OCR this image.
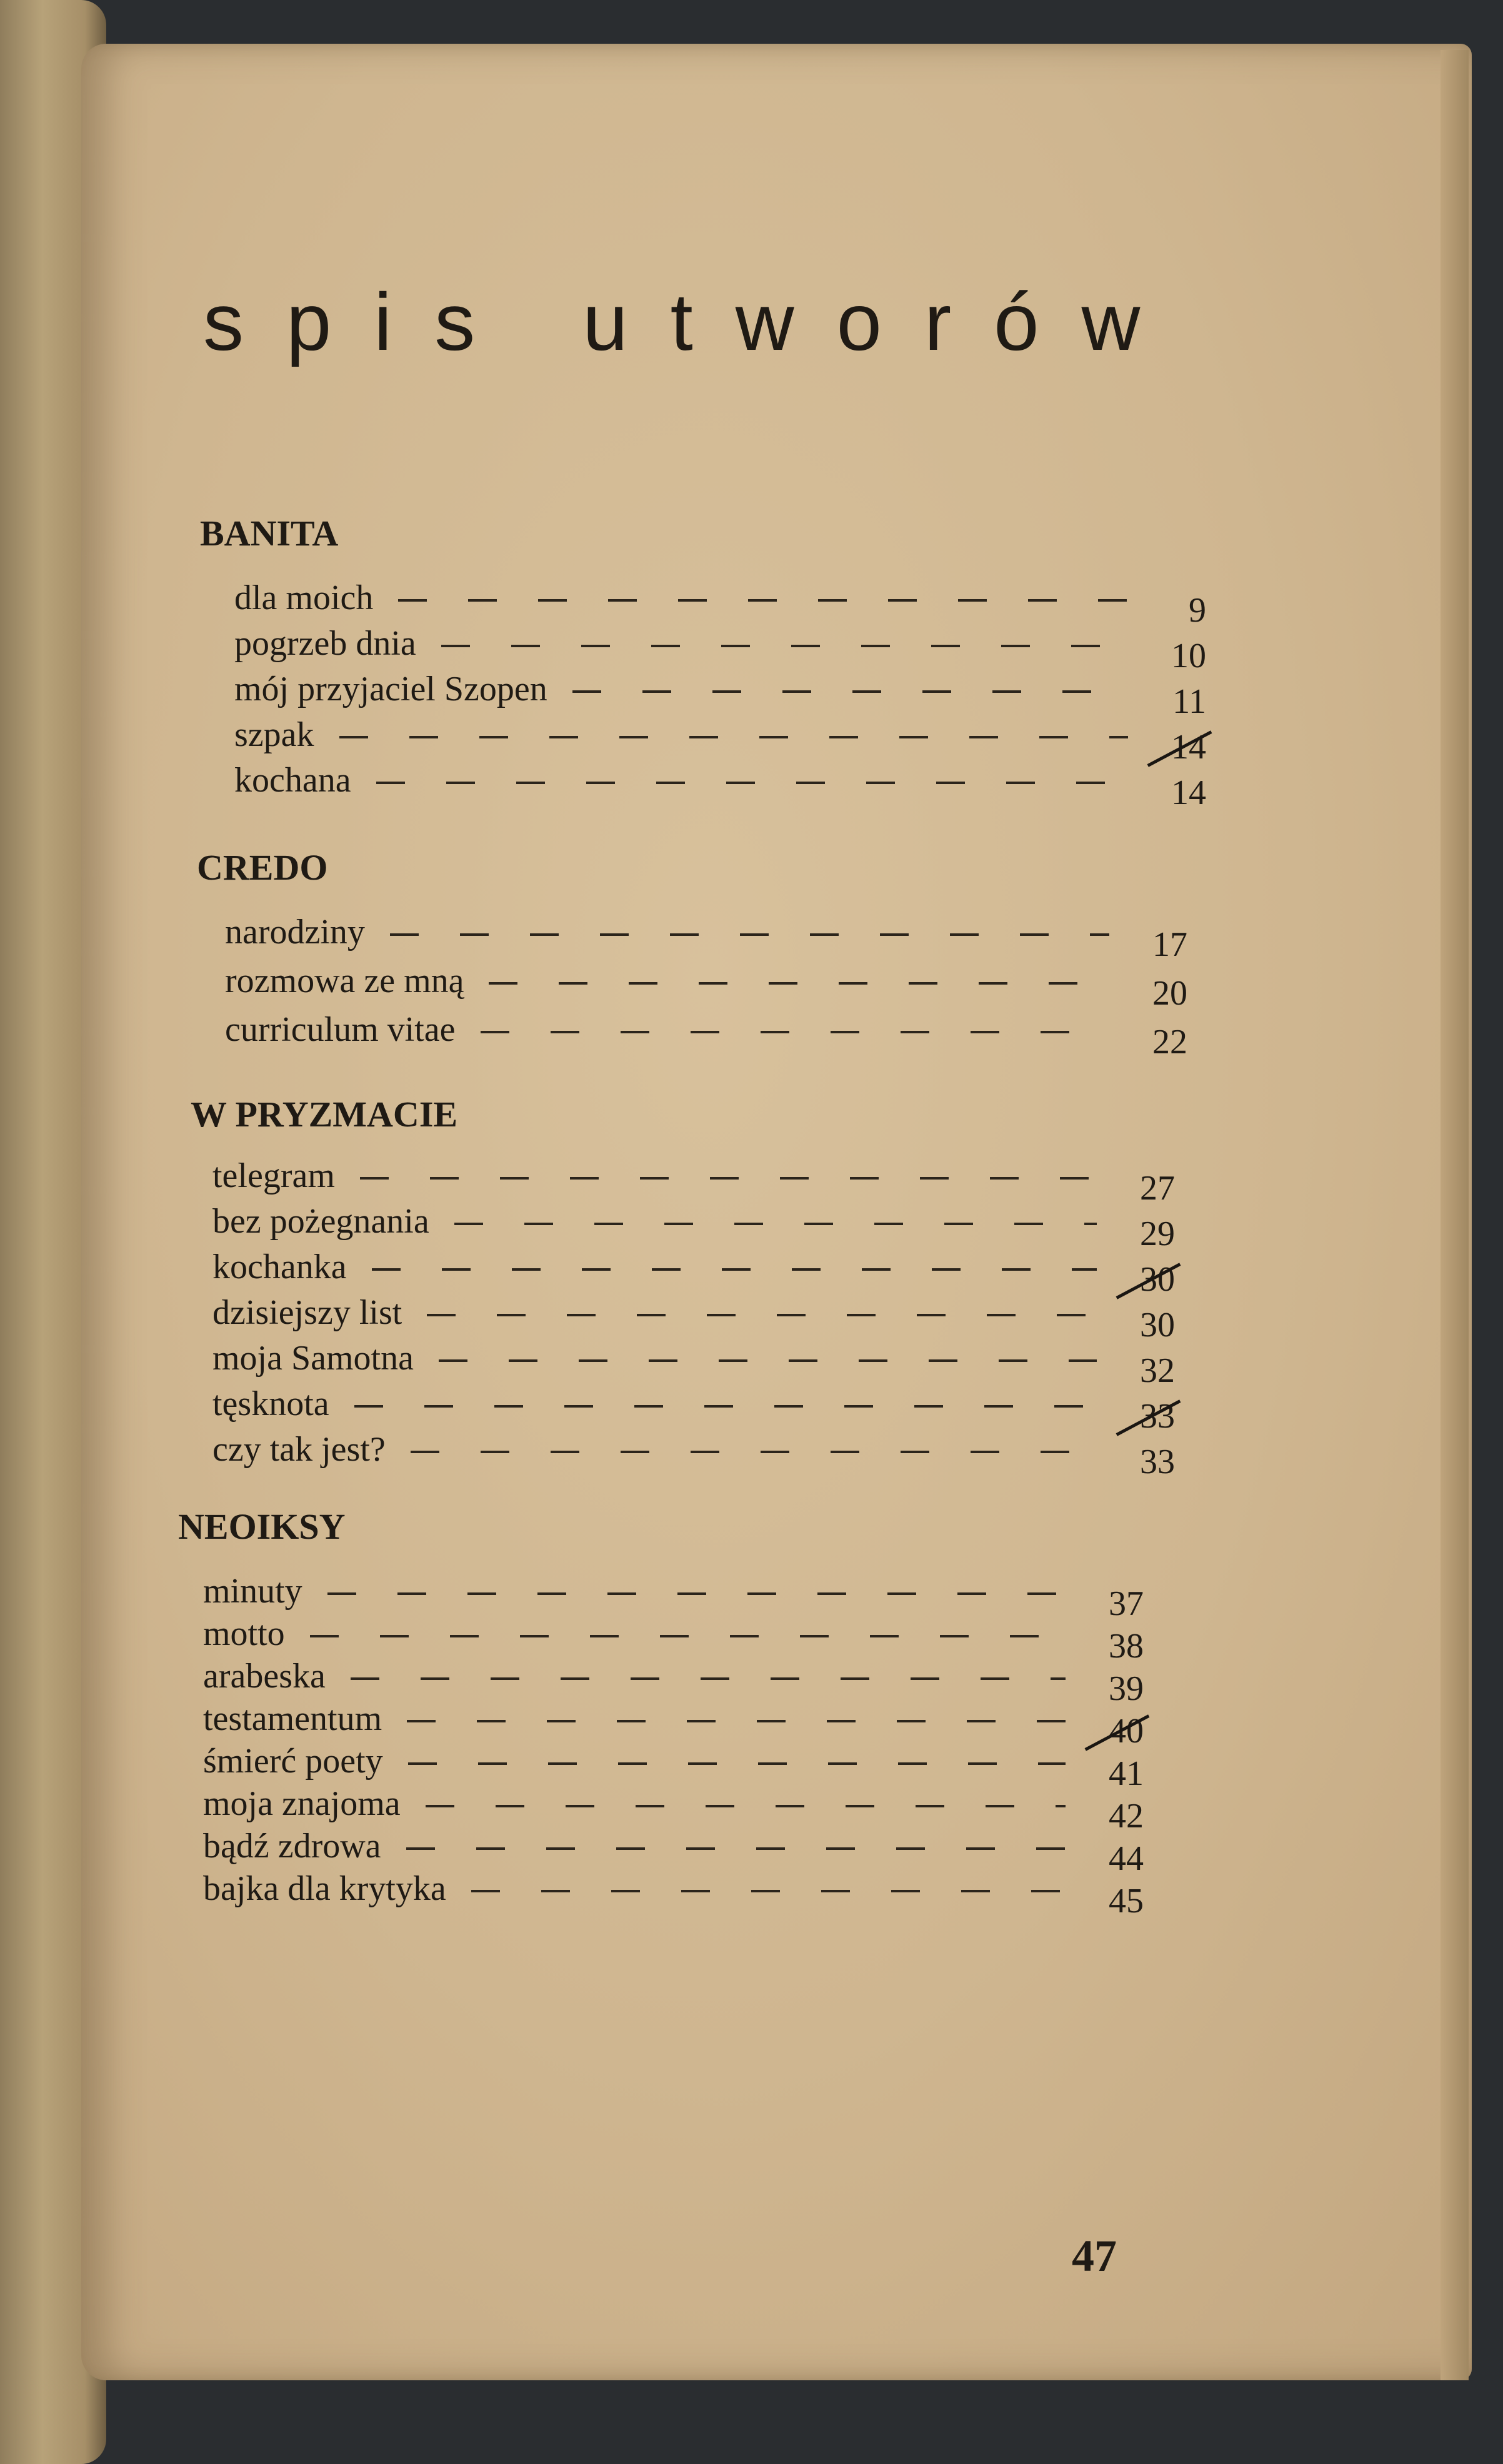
spis utworów
BANITA
dla moich	9
pogrzeb dnia	10
mój przyjaciel Szopen	11
szpak	14
kochana	14
CREDO
narodziny	17
rozmowa ze mną	20
curriculum vitae	22
W PRYZMACIE
telegram	27
bez pożegnania	29
kochanka	30
dzisiejszy list	30
moja Samotna	32
tęsknota	33
czy tak jest?	33
NEOIKSY
minuty	37
motto	38
arabeska	39
testamentum	40
śmierć poety	41
moja znajoma	42
bądź zdrowa	44
bajka dla krytyka	45
47
